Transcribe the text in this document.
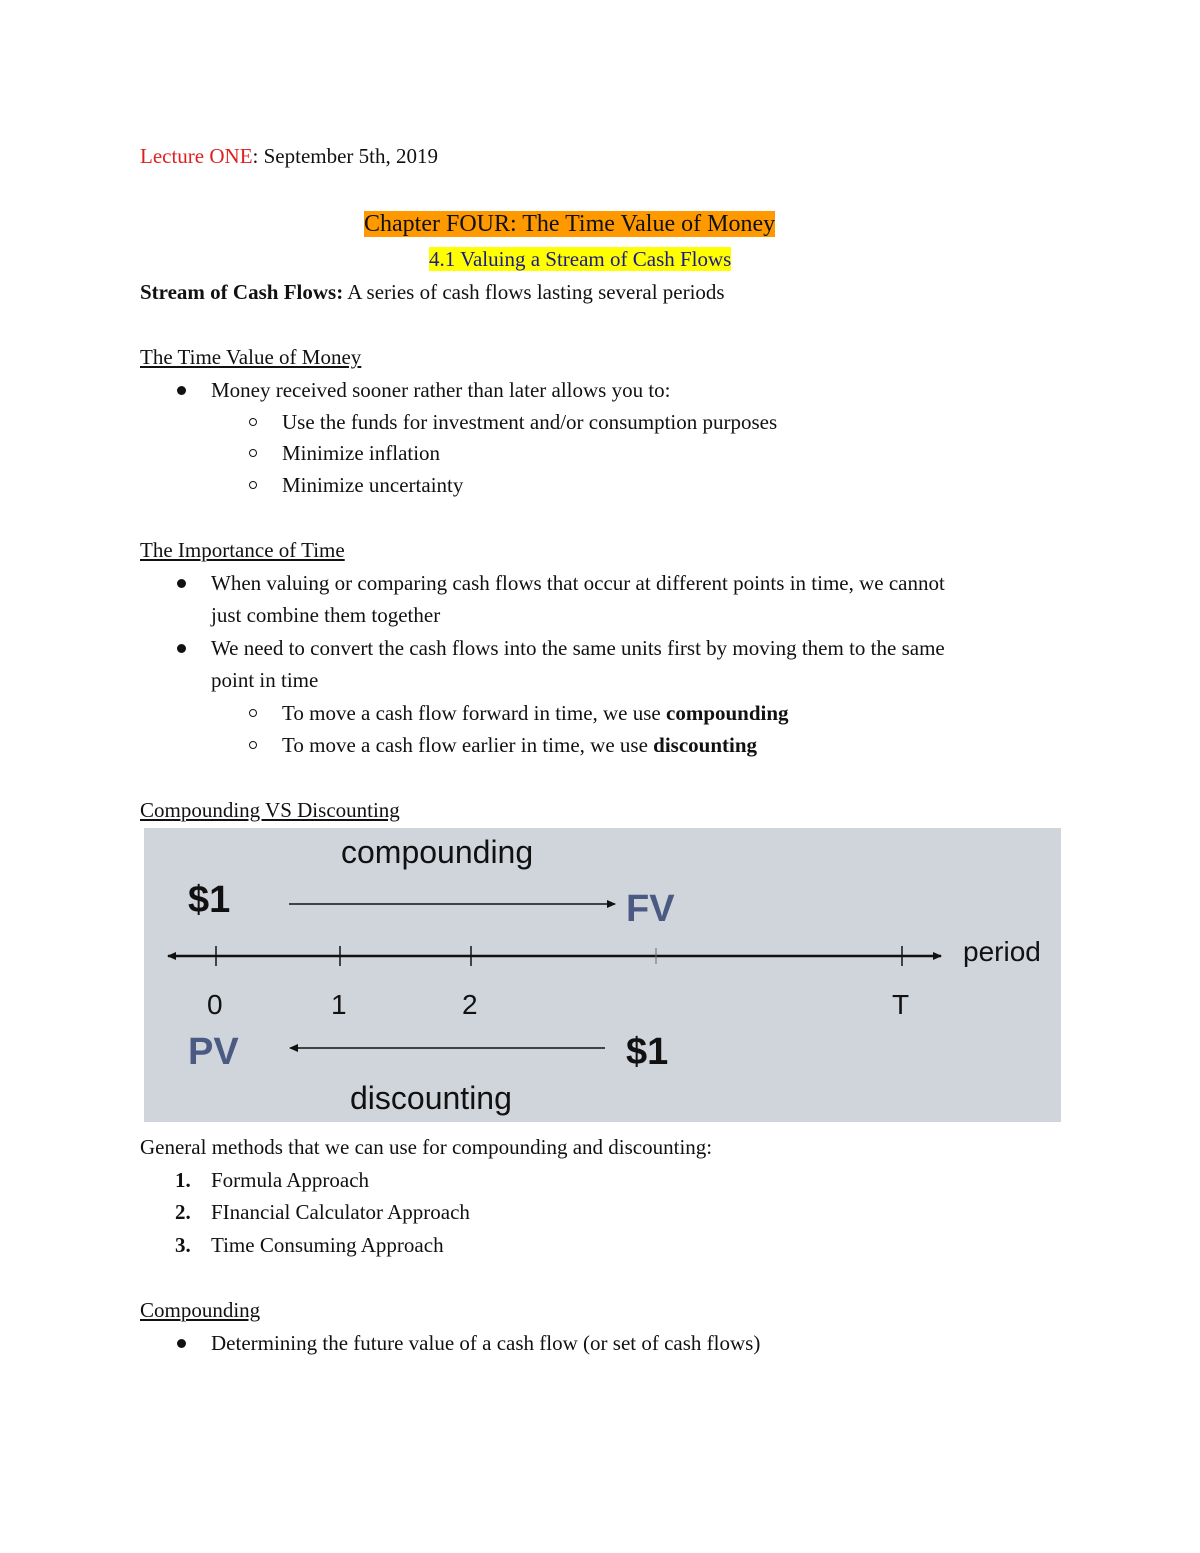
Lecture ONE: September 5th, 2019
Chapter FOUR: The Time Value of Money
4.1 Valuing a Stream of Cash Flows
Stream of Cash Flows: A series of cash flows lasting several periods
The Time Value of Money
Money received sooner rather than later allows you to:
Use the funds for investment and/or consumption purposes
Minimize inflation
Minimize uncertainty
The Importance of Time
When valuing or comparing cash flows that occur at different points in time, we cannot
just combine them together
We need to convert the cash flows into the same units first by moving them to the same
point in time
To move a cash flow forward in time, we use compounding
To move a cash flow earlier in time, we use discounting
Compounding VS Discounting
compounding
$1	FV
period
0	1	2	T
PV	$1
discounting
General methods that we can use for compounding and discounting:
1. Formula Approach
2. FInancial Calculator Approach
3. Time Consuming Approach
Compounding
Determining the future value of a cash flow (or set of cash flows)
